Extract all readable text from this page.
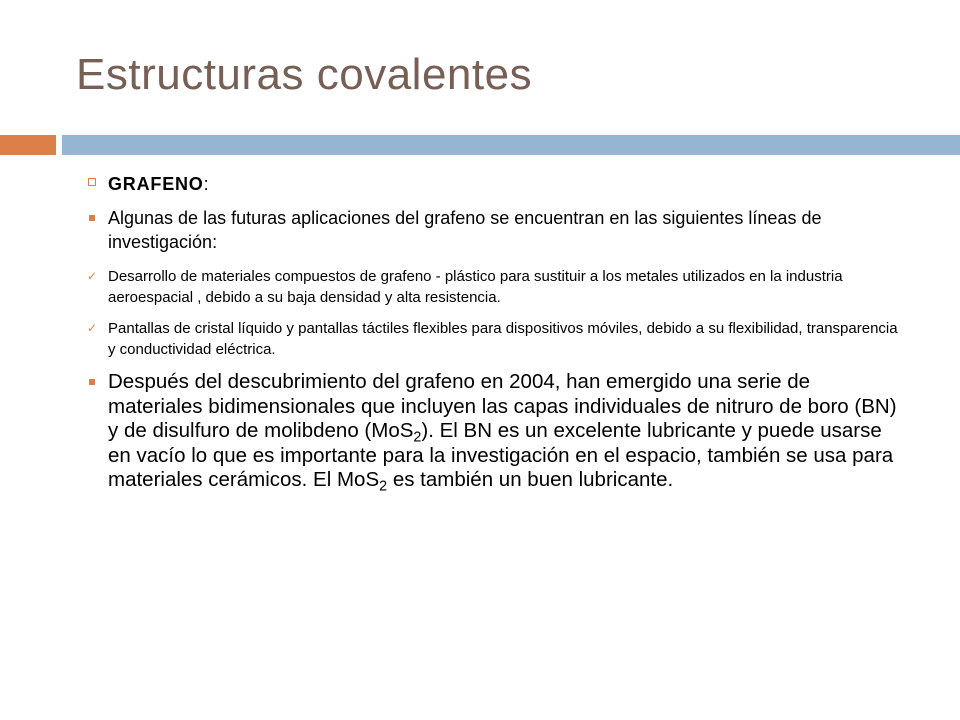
Estructuras covalentes
GRAFENO:
Algunas de las futuras aplicaciones del grafeno se encuentran en las siguientes líneas de investigación:
✓ Desarrollo de materiales compuestos de grafeno - plástico para sustituir a los metales utilizados en la industria aeroespacial , debido a su baja densidad y alta resistencia.
✓ Pantallas de cristal líquido y pantallas táctiles flexibles para dispositivos móviles, debido a su flexibilidad, transparencia y conductividad eléctrica.
Después del descubrimiento del grafeno en 2004, han emergido una serie de materiales bidimensionales que incluyen las capas individuales de nitruro de boro (BN) y de disulfuro de molibdeno (MoS$_2$). El BN es un excelente lubricante y puede usarse en vacío lo que es importante para la investigación en el espacio, también se usa para materiales cerámicos. El MoS$_2$ es también un buen lubricante.
